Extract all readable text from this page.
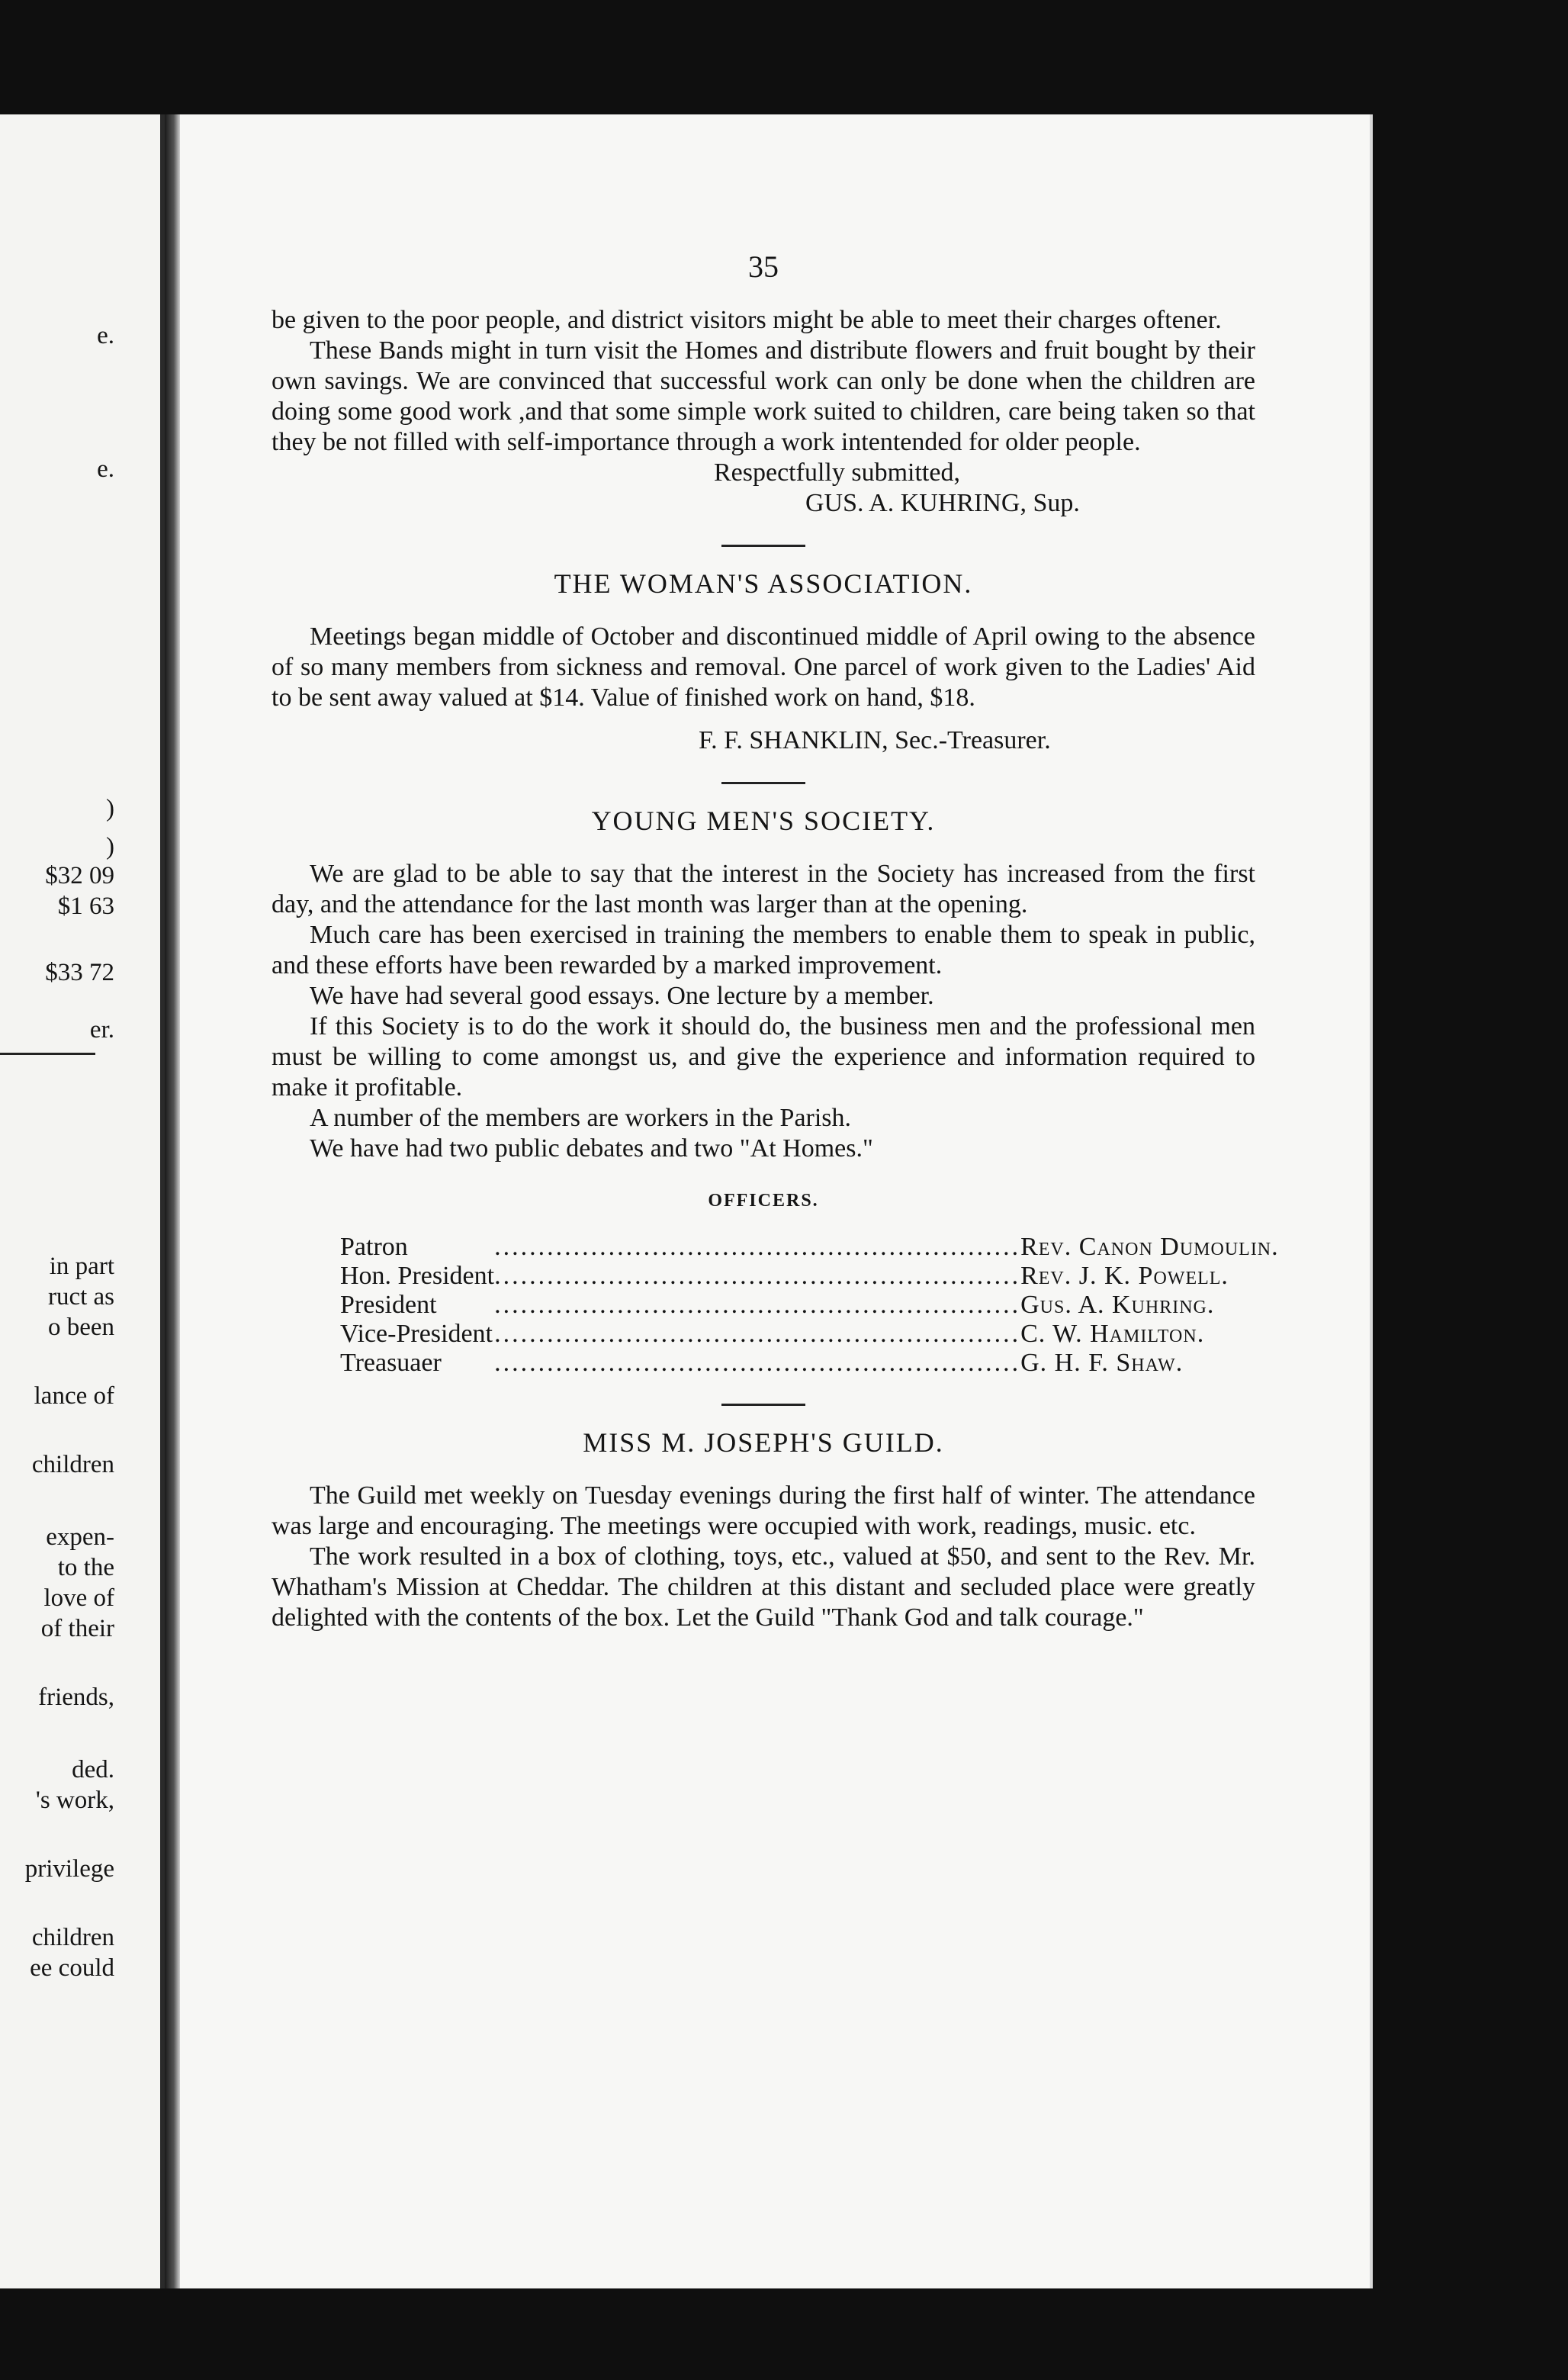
e.
e.
)
)
$32 09
$1 63
$33 72
er.
in part
ruct as
o been
lance of
children
expen-
to the
love of
of their
friends,
ded.
's work,
privilege
children
ee could
35

be given to the poor people, and district visitors might be able to meet their charges oftener.

These Bands might in turn visit the Homes and distribute flowers and fruit bought by their own savings. We are convinced that successful work can only be done when the children are doing some good work ,and that some simple work suited to children, care being taken so that they be not filled with self-importance through a work intentended for older people.

Respectfully submitted,

GUS. A. KUHRING, Sup.

THE WOMAN'S ASSOCIATION.

Meetings began middle of October and discontinued middle of April owing to the absence of so many members from sickness and removal. One parcel of work given to the Ladies' Aid to be sent away valued at $14. Value of finished work on hand, $18.

F. F. SHANKLIN, Sec.-Treasurer.

YOUNG MEN'S SOCIETY.

We are glad to be able to say that the interest in the Society has increased from the first day, and the attendance for the last month was larger than at the opening.

Much care has been exercised in training the members to enable them to speak in public, and these efforts have been rewarded by a marked improvement.

We have had several good essays. One lecture by a member.

If this Society is to do the work it should do, the business men and the professional men must be willing to come amongst us, and give the experience and information required to make it profitable.

A number of the members are workers in the Parish.

We have had two public debates and two "At Homes."

OFFICERS.
Patron	............................................................	Rev. Canon Dumoulin.
Hon. President	............................................................	Rev. J. K. Powell.
President	............................................................	Gus. A. Kuhring.
Vice-President	............................................................	C. W. Hamilton.
Treasuaer	............................................................	G. H. F. Shaw.
MISS M. JOSEPH'S GUILD.

The Guild met weekly on Tuesday evenings during the first half of winter. The attendance was large and encouraging. The meetings were occupied with work, readings, music. etc.

The work resulted in a box of clothing, toys, etc., valued at $50, and sent to the Rev. Mr. Whatham's Mission at Cheddar. The children at this distant and secluded place were greatly delighted with the contents of the box. Let the Guild "Thank God and talk courage."
